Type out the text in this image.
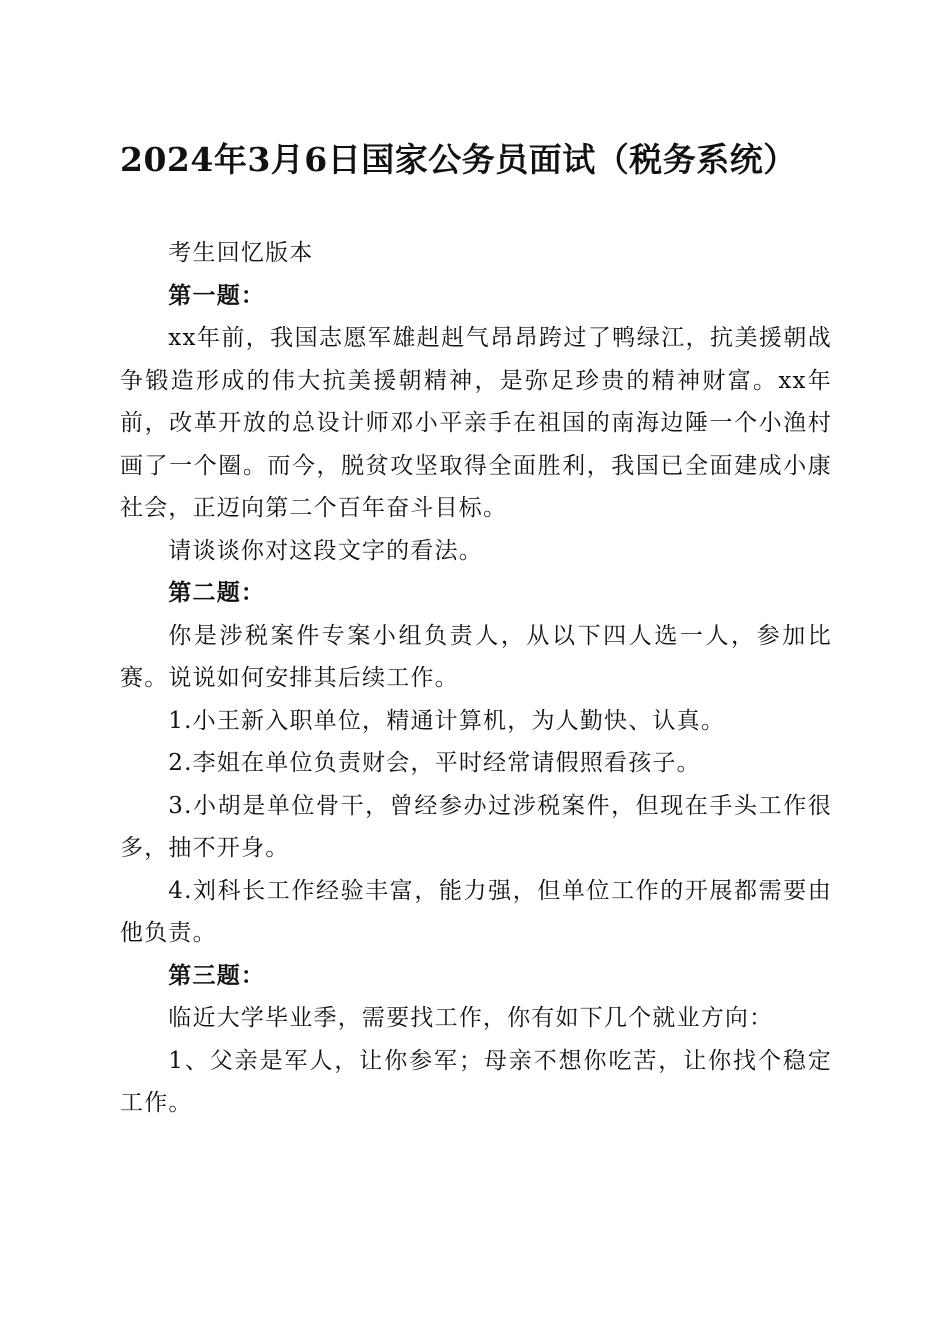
2024年3月6日国家公务员面试（税务系统）

考生回忆版本

第一题：

xx年前，我国志愿军雄赳赳气昂昂跨过了鸭绿江，抗美援朝战争锻造形成的伟大抗美援朝精神，是弥足珍贵的精神财富。xx年前，改革开放的总设计师邓小平亲手在祖国的南海边陲一个小渔村画了一个圈。而今，脱贫攻坚取得全面胜利，我国已全面建成小康社会，正迈向第二个百年奋斗目标。

请谈谈你对这段文字的看法。

第二题：

你是涉税案件专案小组负责人，从以下四人选一人，参加比赛。说说如何安排其后续工作。

1.小王新入职单位，精通计算机，为人勤快、认真。

2.李姐在单位负责财会，平时经常请假照看孩子。

3.小胡是单位骨干，曾经参办过涉税案件，但现在手头工作很多，抽不开身。

4.刘科长工作经验丰富，能力强，但单位工作的开展都需要由他负责。

第三题：

临近大学毕业季，需要找工作，你有如下几个就业方向：

1、父亲是军人，让你参军；母亲不想你吃苦，让你找个稳定工作。
